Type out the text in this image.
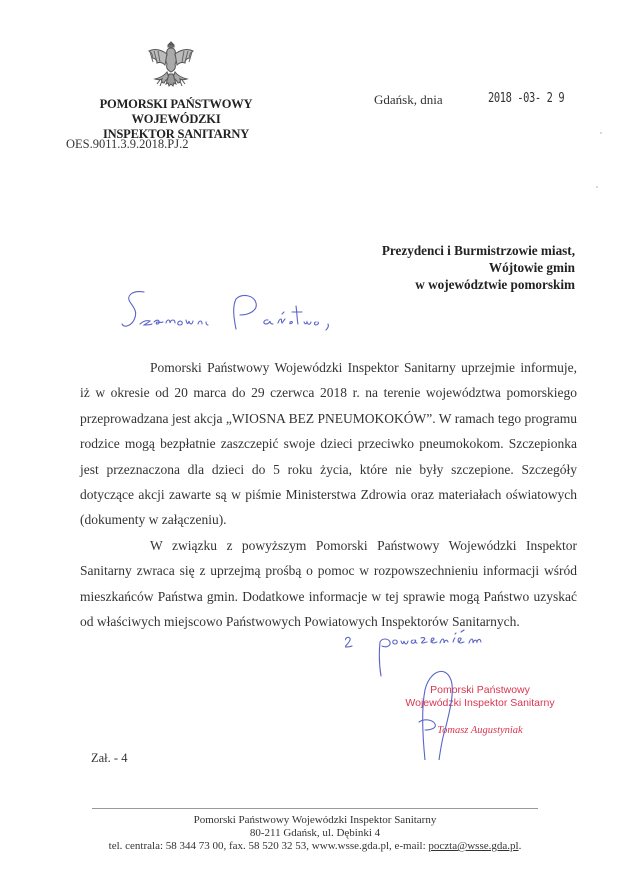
POMORSKI PAŃSTWOWY
WOJEWÓDZKI
INSPEKTOR SANITARNY
OES.9011.3.9.2018.PJ.2
Gdańsk, dnia	2018 -03- 2 9
Prezydenci i Burmistrzowie miast,
Wójtowie gmin
w województwie pomorskim

Pomorski Państwowy Wojewódzki Inspektor Sanitarny uprzejmie informuje, iż w okresie od 20 marca do 29 czerwca 2018 r. na terenie województwa pomorskiego przeprowadzana jest akcja „WIOSNA BEZ PNEUMOKOKÓW”. W ramach tego programu rodzice mogą bezpłatnie zaszczepić swoje dzieci przeciwko pneumokokom. Szczepionka jest przeznaczona dla dzieci do 5 roku życia, które nie były szczepione. Szczegóły dotyczące akcji zawarte są w piśmie Ministerstwa Zdrowia oraz materiałach oświatowych (dokumenty w załączeniu).

W związku z powyższym Pomorski Państwowy Wojewódzki Inspektor Sanitarny zwraca się z uprzejmą prośbą o pomoc w rozpowszechnieniu informacji wśród mieszkańców Państwa gmin. Dodatkowe informacje w tej sprawie mogą Państwo uzyskać od właściwych miejscowo Państwowych Powiatowych Inspektorów Sanitarnych.

Pomorski Państwowy
Wojewódzki Inspektor Sanitarny
Tomasz Augustyniak
Zał. - 4
Pomorski Państwowy Wojewódzki Inspektor Sanitarny
80-211 Gdańsk, ul. Dębinki 4
tel. centrala: 58 344 73 00, fax. 58 520 32 53, www.wsse.gda.pl, e-mail: poczta@wsse.gda.pl.
